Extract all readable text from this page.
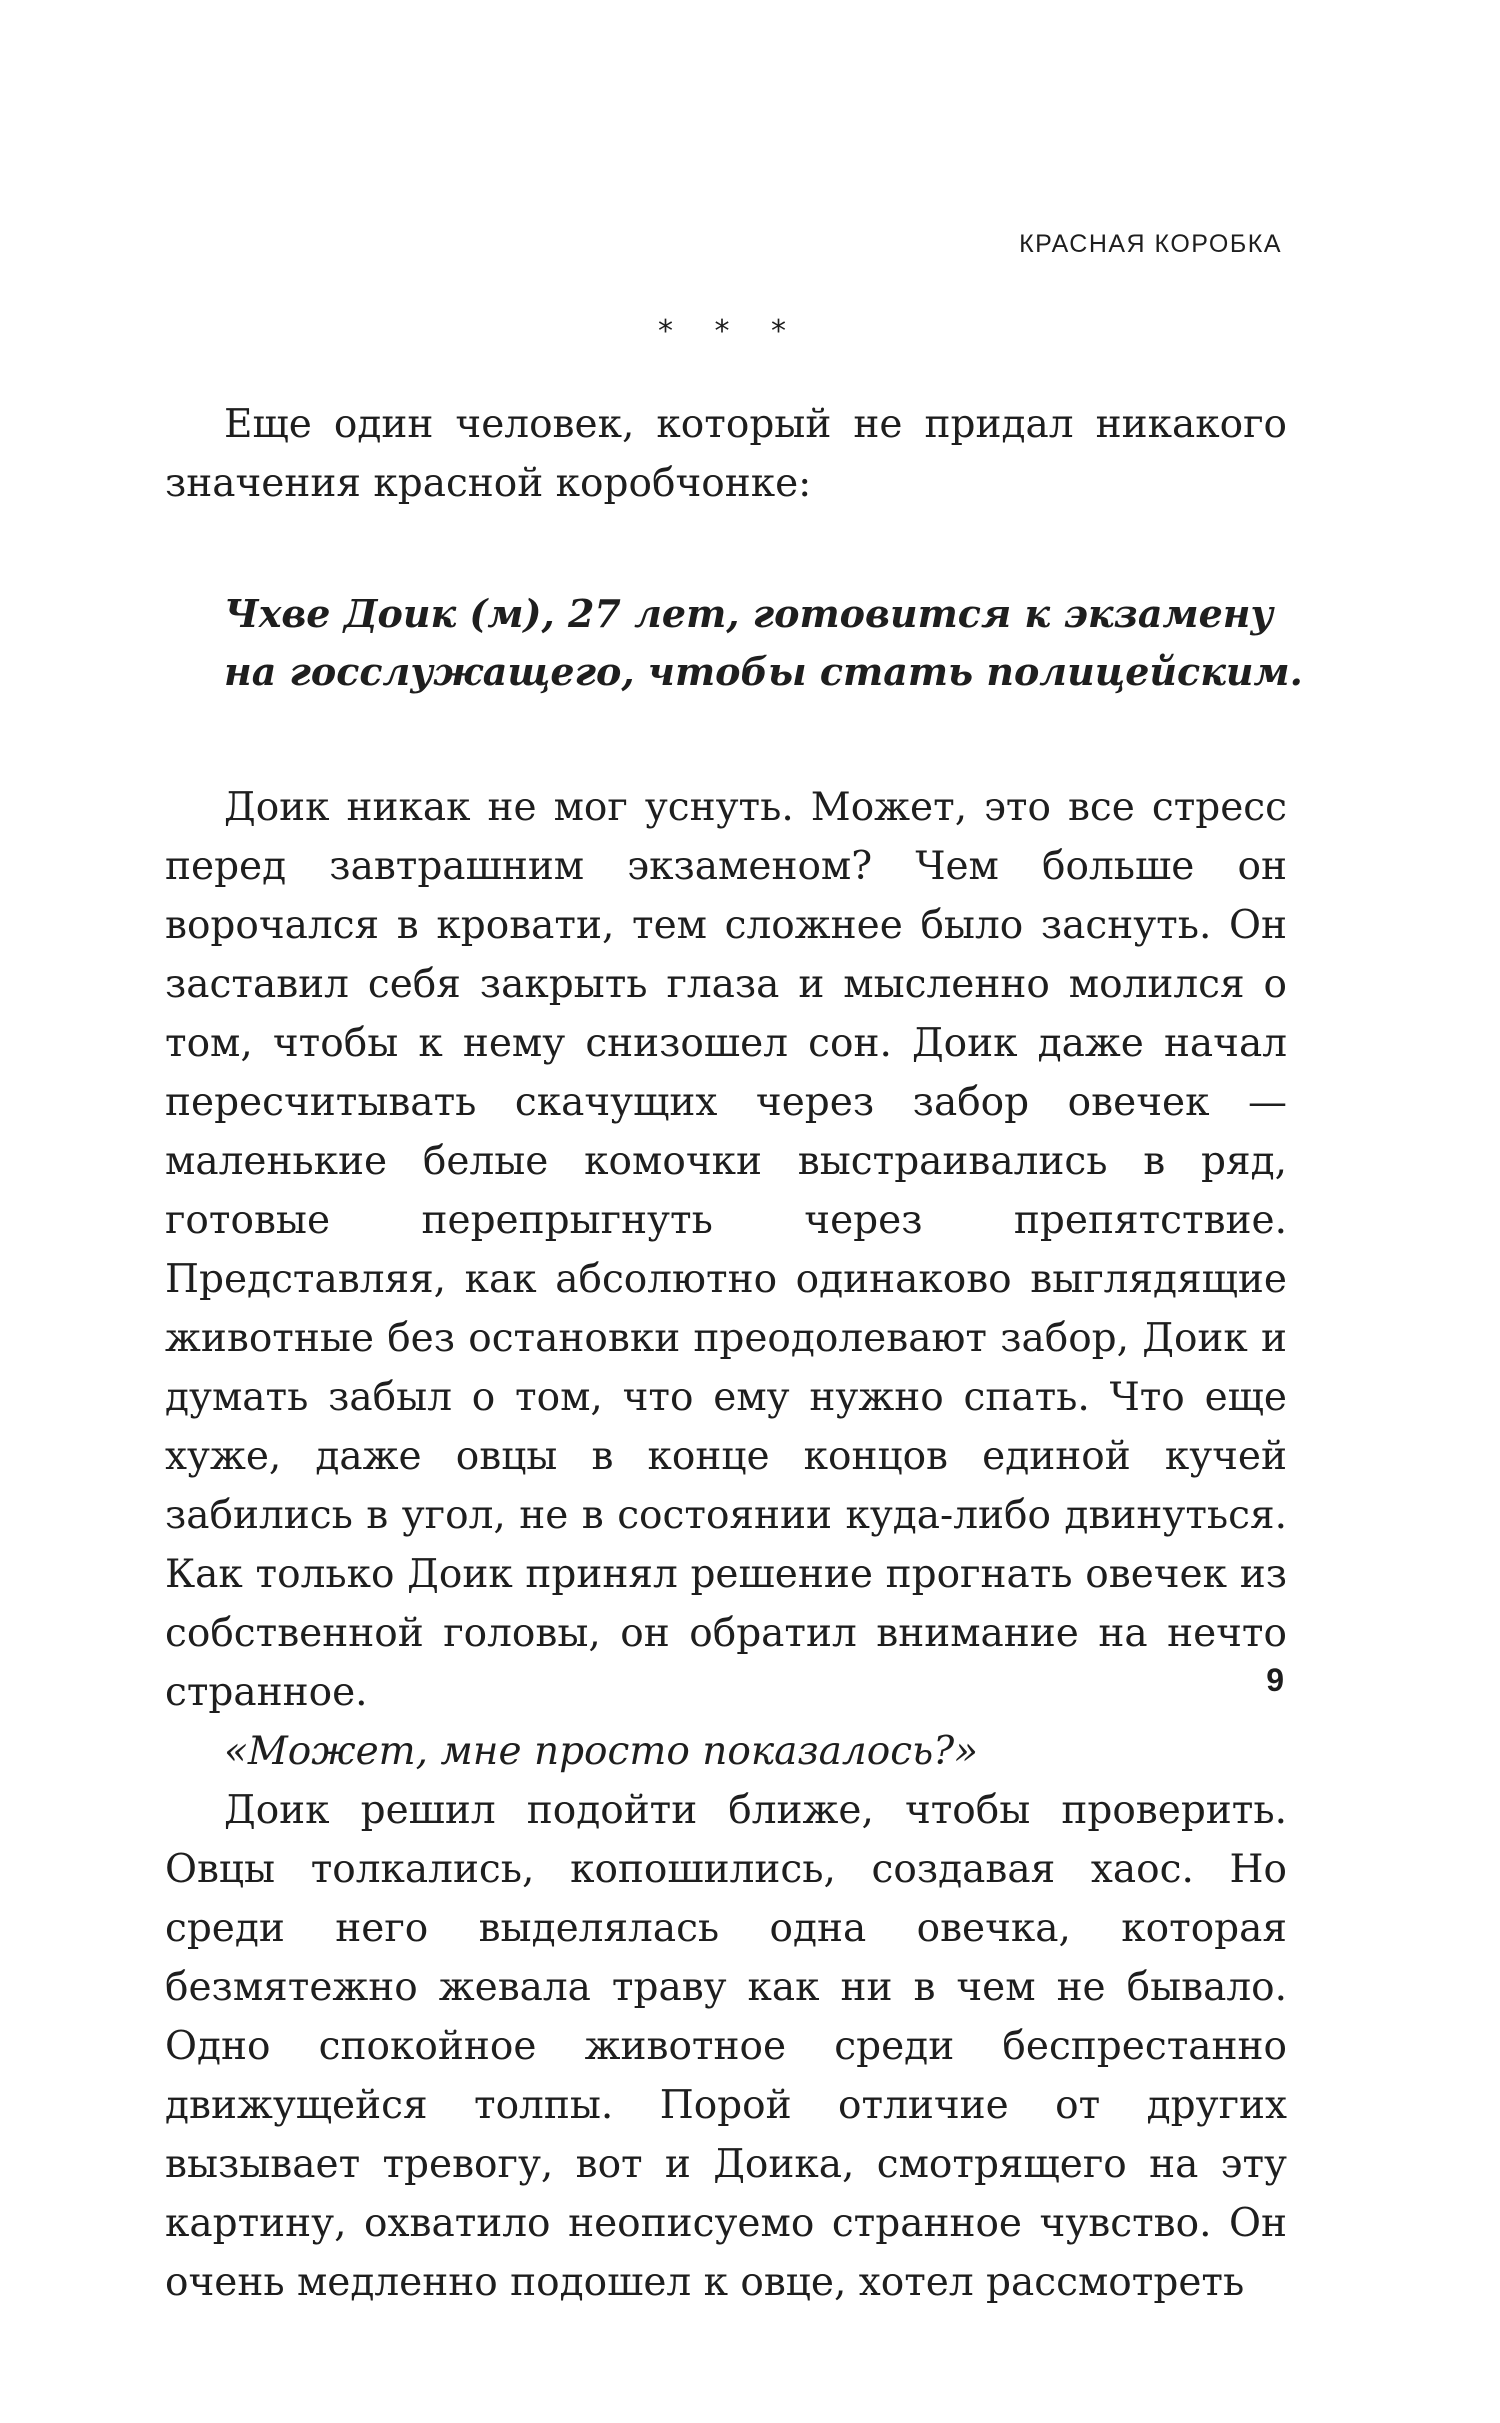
КРАСНАЯ КОРОБКА
* * *

Еще один человек, который не придал никакого значения красной коробчонке:

Чхве Доик (м), 27 лет, готовится к экзамену
на госслужащего, чтобы стать полицейским.

Доик никак не мог уснуть. Может, это все стресс перед завтрашним экзаменом? Чем больше он ворочался в кровати, тем сложнее было заснуть. Он заставил себя закрыть глаза и мысленно молился о том, чтобы к нему снизошел сон. Доик даже начал пересчитывать скачущих через забор овечек — маленькие белые комочки выстраивались в ряд, готовые перепрыгнуть через препятствие. Представляя, как абсолютно одинаково выглядящие животные без остановки преодолевают забор, Доик и думать забыл о том, что ему нужно спать. Что еще хуже, даже овцы в конце концов единой кучей забились в угол, не в состоянии куда-либо двинуться. Как только Доик принял решение прогнать овечек из собственной головы, он обратил внимание на нечто странное.

«Может, мне просто показалось?»

Доик решил подойти ближе, чтобы проверить. Овцы толкались, копошились, создавая хаос. Но среди него выделялась одна овечка, которая безмятежно жевала траву как ни в чем не бывало. Одно спокойное животное среди беспрестанно движущейся толпы. Порой отличие от других вызывает тревогу, вот и Доика, смотрящего на эту картину, охватило неописуемо странное чувство. Он очень медленно подошел к овце, хотел рассмотреть

9
